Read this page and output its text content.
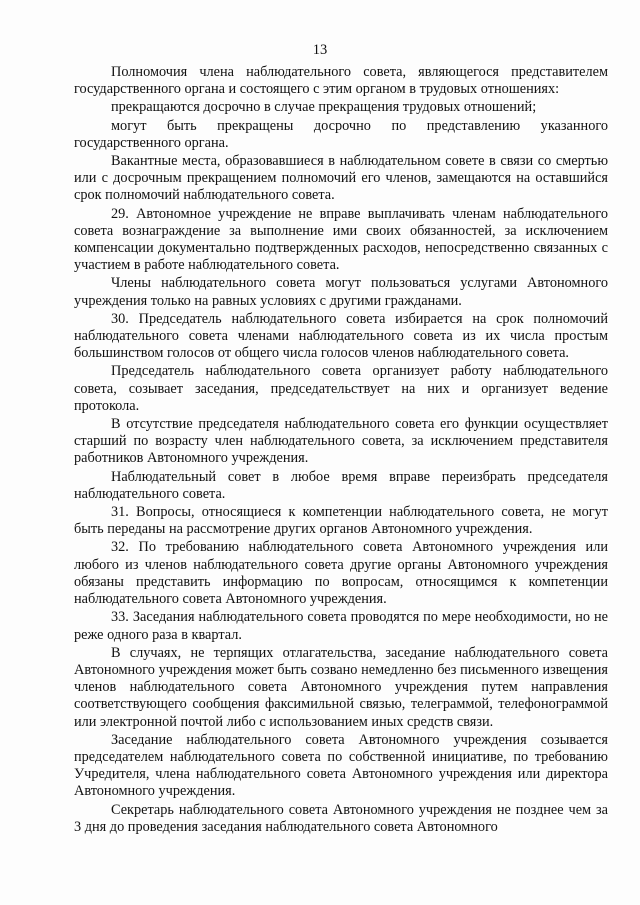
13

Полномочия члена наблюдательного совета, являющегося представителем государственного органа и состоящего с этим органом в трудовых отношениях:

прекращаются досрочно в случае прекращения трудовых отношений;

могут быть прекращены досрочно по представлению указанного государственного органа.

Вакантные места, образовавшиеся в наблюдательном совете в связи со смертью или с досрочным прекращением полномочий его членов, замещаются на оставшийся срок полномочий наблюдательного совета.

29. Автономное учреждение не вправе выплачивать членам наблюдательного совета вознаграждение за выполнение ими своих обязанностей, за исключением компенсации документально подтвержденных расходов, непосредственно связанных с участием в работе наблюдательного совета.

Члены наблюдательного совета могут пользоваться услугами Автономного учреждения только на равных условиях с другими гражданами.

30. Председатель наблюдательного совета избирается на срок полномочий наблюдательного совета членами наблюдательного совета из их числа простым большинством голосов от общего числа голосов членов наблюдательного совета.

Председатель наблюдательного совета организует работу наблюдательного совета, созывает заседания, председательствует на них и организует ведение протокола.

В отсутствие председателя наблюдательного совета его функции осуществляет старший по возрасту член наблюдательного совета, за исключением представителя работников Автономного учреждения.

Наблюдательный совет в любое время вправе переизбрать председателя наблюдательного совета.

31. Вопросы, относящиеся к компетенции наблюдательного совета, не могут быть переданы на рассмотрение других органов Автономного учреждения.

32. По требованию наблюдательного совета Автономного учреждения или любого из членов наблюдательного совета другие органы Автономного учреждения обязаны представить информацию по вопросам, относящимся к компетенции наблюдательного совета Автономного учреждения.

33. Заседания наблюдательного совета проводятся по мере необходимости, но не реже одного раза в квартал.

В случаях, не терпящих отлагательства, заседание наблюдательного совета Автономного учреждения может быть созвано немедленно без письменного извещения членов наблюдательного совета Автономного учреждения путем направления соответствующего сообщения факсимильной связью, телеграммой, телефонограммой или электронной почтой либо с использованием иных средств связи.

Заседание наблюдательного совета Автономного учреждения созывается председателем наблюдательного совета по собственной инициативе, по требованию Учредителя, члена наблюдательного совета Автономного учреждения или директора Автономного учреждения.

Секретарь наблюдательного совета Автономного учреждения не позднее чем за 3 дня до проведения заседания наблюдательного совета Автономного
